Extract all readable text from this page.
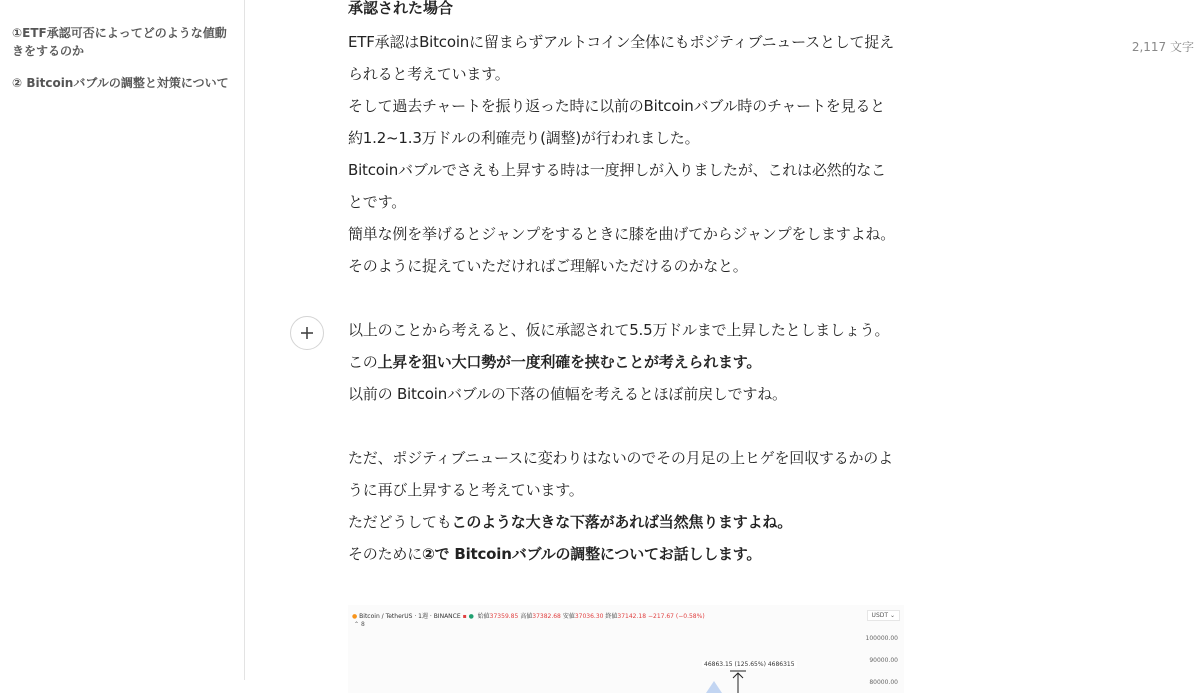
①ETF承認可否によってどのような値動きをするのか
② Bitcoinバブルの調整と対策について
2,117 文字
承認された場合
ETF承認はBitcoinに留まらずアルトコイン全体にもポジティブニュースとして捉え
られると考えています。
そして過去チャートを振り返った時に以前のBitcoinバブル時のチャートを見ると
約1.2~1.3万ドルの利確売り(調整)が行われました。
Bitcoinバブルでさえも上昇する時は一度押しが入りましたが、これは必然的なこ
とです。
簡単な例を挙げるとジャンプをするときに膝を曲げてからジャンプをしますよね。
そのように捉えていただければご理解いただけるのかなと。
以上のことから考えると、仮に承認されて5.5万ドルまで上昇したとしましょう。
この上昇を狙い大口勢が一度利確を挟むことが考えられます。
以前の Bitcoinバブルの下落の値幅を考えるとほぼ前戻しですね。
ただ、ポジティブニュースに変わりはないのでその月足の上ヒゲを回収するかのよ
うに再び上昇すると考えています。
ただどうしてもこのような大きな下落があれば当然焦りますよね。
そのために②で Bitcoinバブルの調整についてお話しします。
● Bitcoin / TetherUS · 1週 · BINANCE ▪ ● 始値37359.85 高値37382.68 安値37036.30 終値37142.18 −217.67 (−0.58%)	USDT ⌄
⌃ 8
100000.00
90000.00
80000.00
46863.15 (125.65%) 4686315
